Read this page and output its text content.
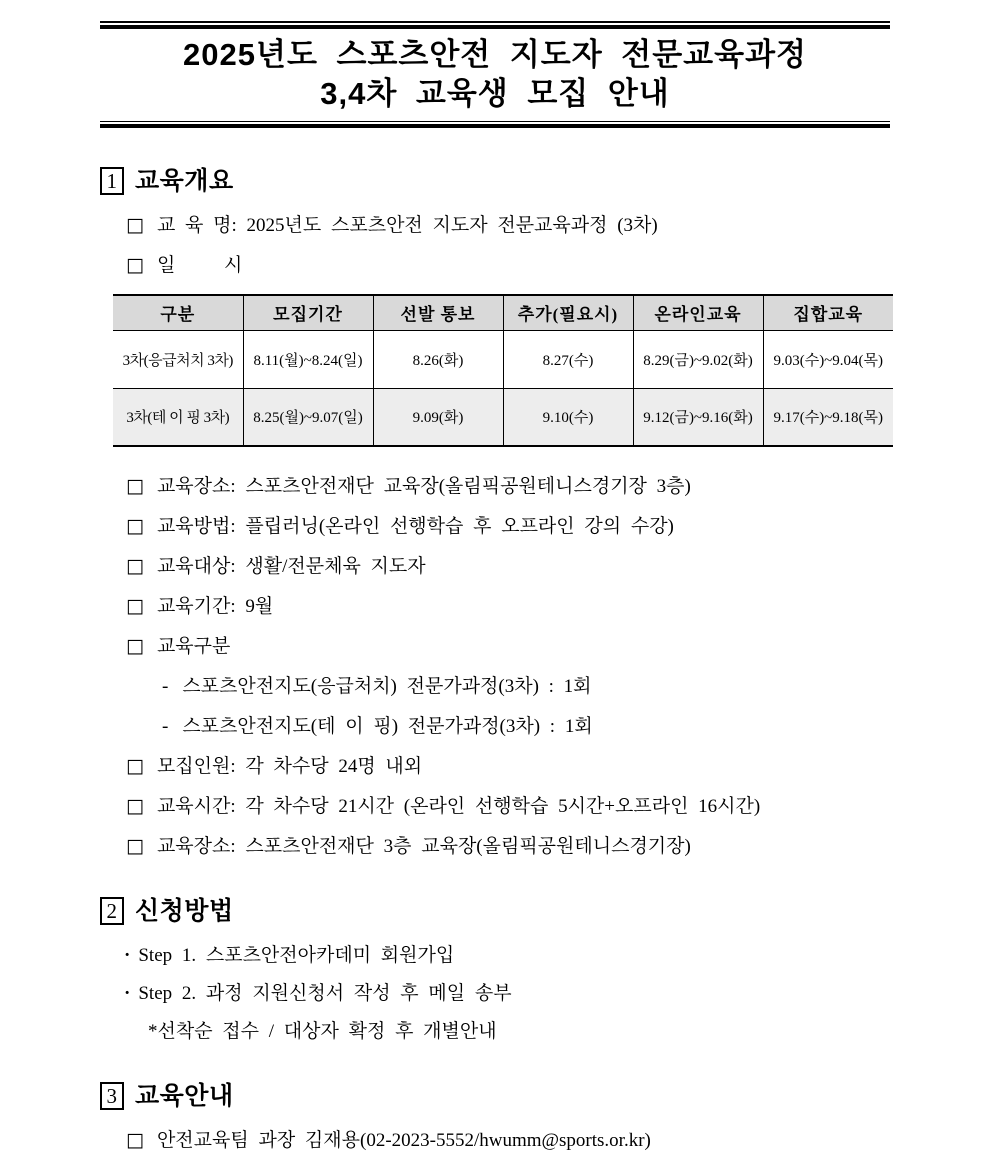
2025년도 스포츠안전 지도자 전문교육과정
3,4차 교육생 모집 안내
1 교육개요
□ 교 육 명: 2025년도 스포츠안전 지도자 전문교육과정 (3차)
□ 일     시
구분	모집기간	선발 통보	추가(필요시)	온라인교육	집합교육
3차(응급처치 3차)	8.11(월)~8.24(일)	8.26(화)	8.27(수)	8.29(금)~9.02(화)	9.03(수)~9.04(목)
3차(테 이 핑 3차)	8.25(월)~9.07(일)	9.09(화)	9.10(수)	9.12(금)~9.16(화)	9.17(수)~9.18(목)
□ 교육장소: 스포츠안전재단 교육장(올림픽공원테니스경기장 3층)
□ 교육방법: 플립러닝(온라인 선행학습 후 오프라인 강의 수강)
□ 교육대상: 생활/전문체육 지도자
□ 교육기간: 9월
□ 교육구분
- 스포츠안전지도(응급처치) 전문가과정(3차) : 1회
- 스포츠안전지도(테 이 핑) 전문가과정(3차) : 1회
□ 모집인원: 각 차수당 24명 내외
□ 교육시간: 각 차수당 21시간 (온라인 선행학습 5시간+오프라인 16시간)
□ 교육장소: 스포츠안전재단 3층 교육장(올림픽공원테니스경기장)
2 신청방법
· Step 1. 스포츠안전아카데미 회원가입
· Step 2. 과정 지원신청서 작성 후 메일 송부
*선착순 접수 / 대상자 확정 후 개별안내
3 교육안내
□ 안전교육팀 과장 김재용(02-2023-5552/hwumm@sports.or.kr)
